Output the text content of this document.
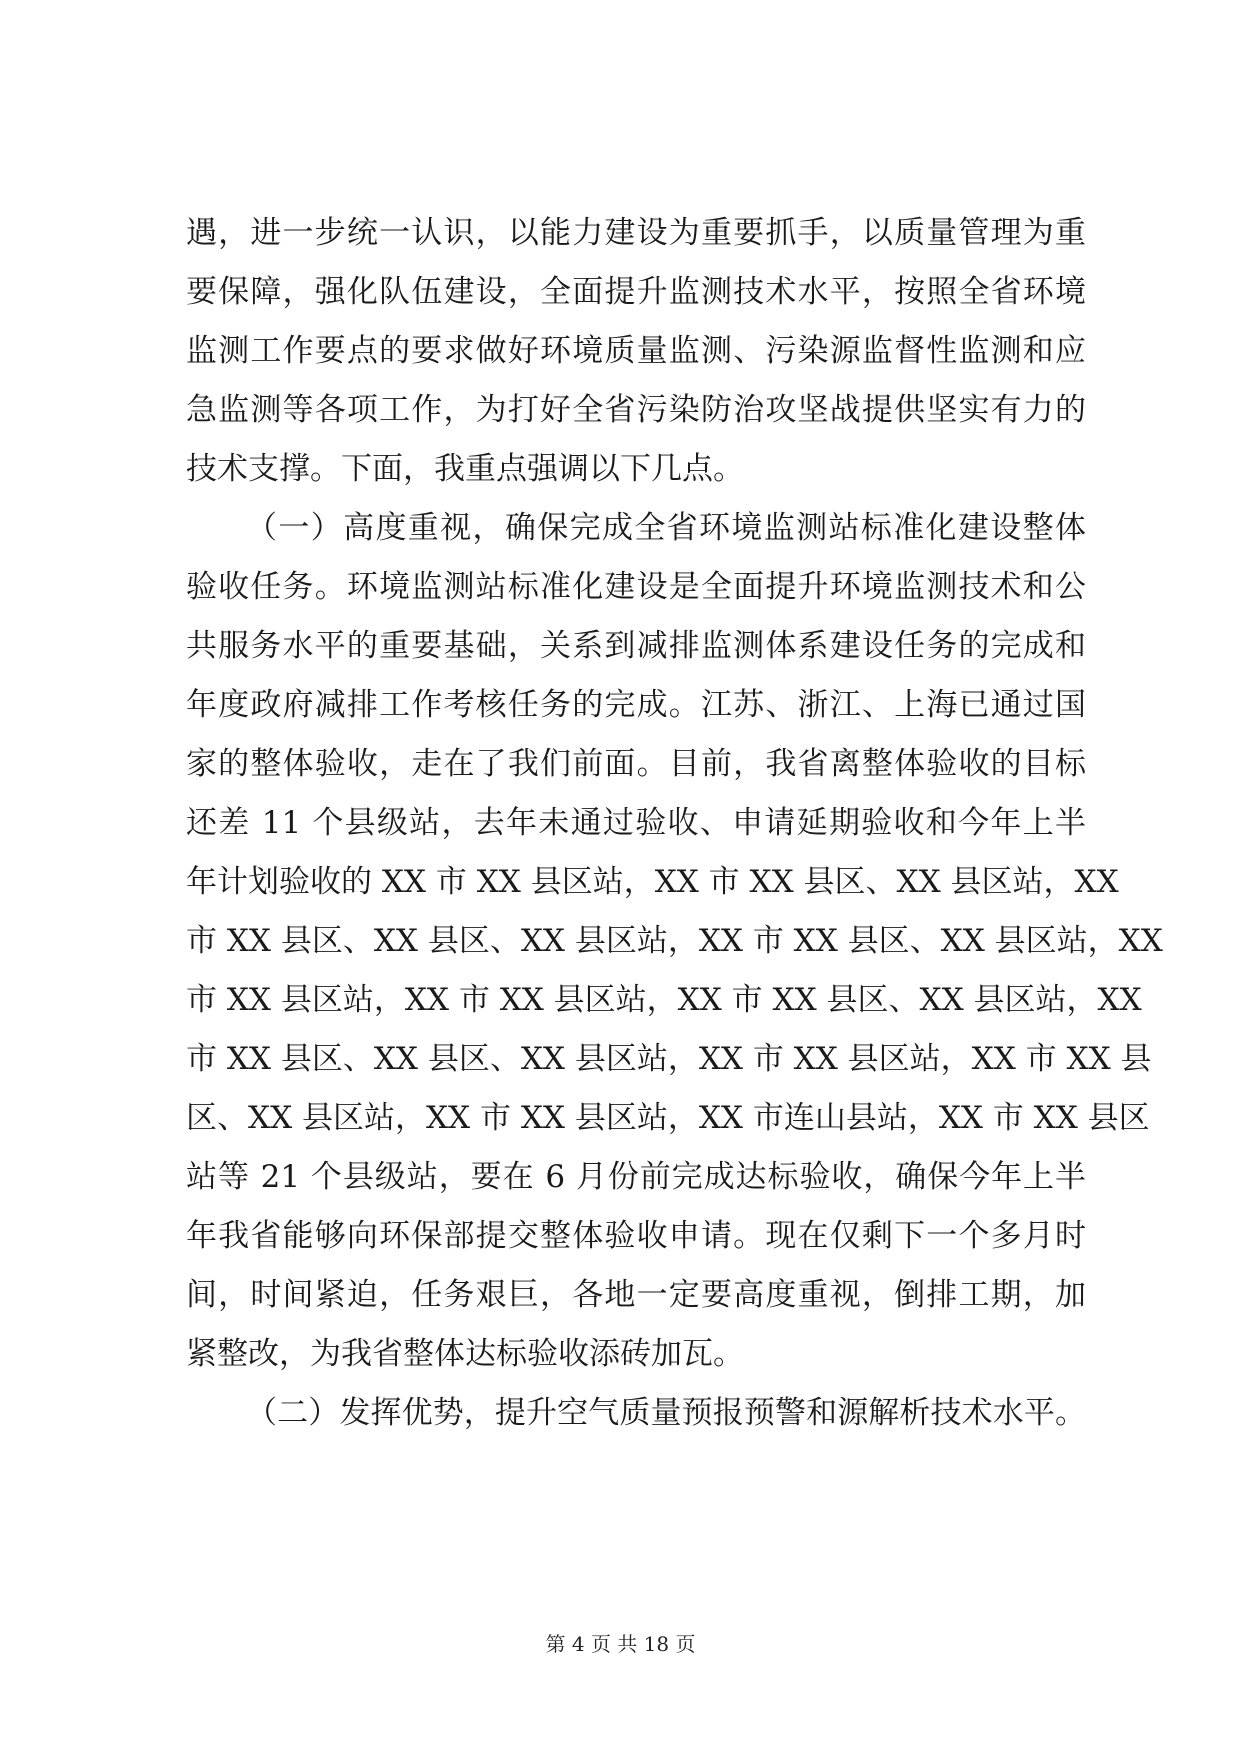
遇，进一步统一认识，以能力建设为重要抓手，以质量管理为重
要保障，强化队伍建设，全面提升监测技术水平，按照全省环境
监测工作要点的要求做好环境质量监测、污染源监督性监测和应
急监测等各项工作，为打好全省污染防治攻坚战提供坚实有力的
技术支撑。下面，我重点强调以下几点。
（一）高度重视，确保完成全省环境监测站标准化建设整体
验收任务。环境监测站标准化建设是全面提升环境监测技术和公
共服务水平的重要基础，关系到减排监测体系建设任务的完成和
年度政府减排工作考核任务的完成。江苏、浙江、上海已通过国
家的整体验收，走在了我们前面。目前，我省离整体验收的目标
还差 11 个县级站，去年未通过验收、申请延期验收和今年上半
年计划验收的 XX 市 XX 县区站，XX 市 XX 县区、XX 县区站，XX
市 XX 县区、XX 县区、XX 县区站，XX 市 XX 县区、XX 县区站，XX
市 XX 县区站，XX 市 XX 县区站，XX 市 XX 县区、XX 县区站，XX
市 XX 县区、XX 县区、XX 县区站，XX 市 XX 县区站，XX 市 XX 县
区、XX 县区站，XX 市 XX 县区站，XX 市连山县站，XX 市 XX 县区
站等 21 个县级站，要在 6 月份前完成达标验收，确保今年上半
年我省能够向环保部提交整体验收申请。现在仅剩下一个多月时
间，时间紧迫，任务艰巨，各地一定要高度重视，倒排工期，加
紧整改，为我省整体达标验收添砖加瓦。
（二）发挥优势，提升空气质量预报预警和源解析技术水平。
第 4 页 共 18 页
